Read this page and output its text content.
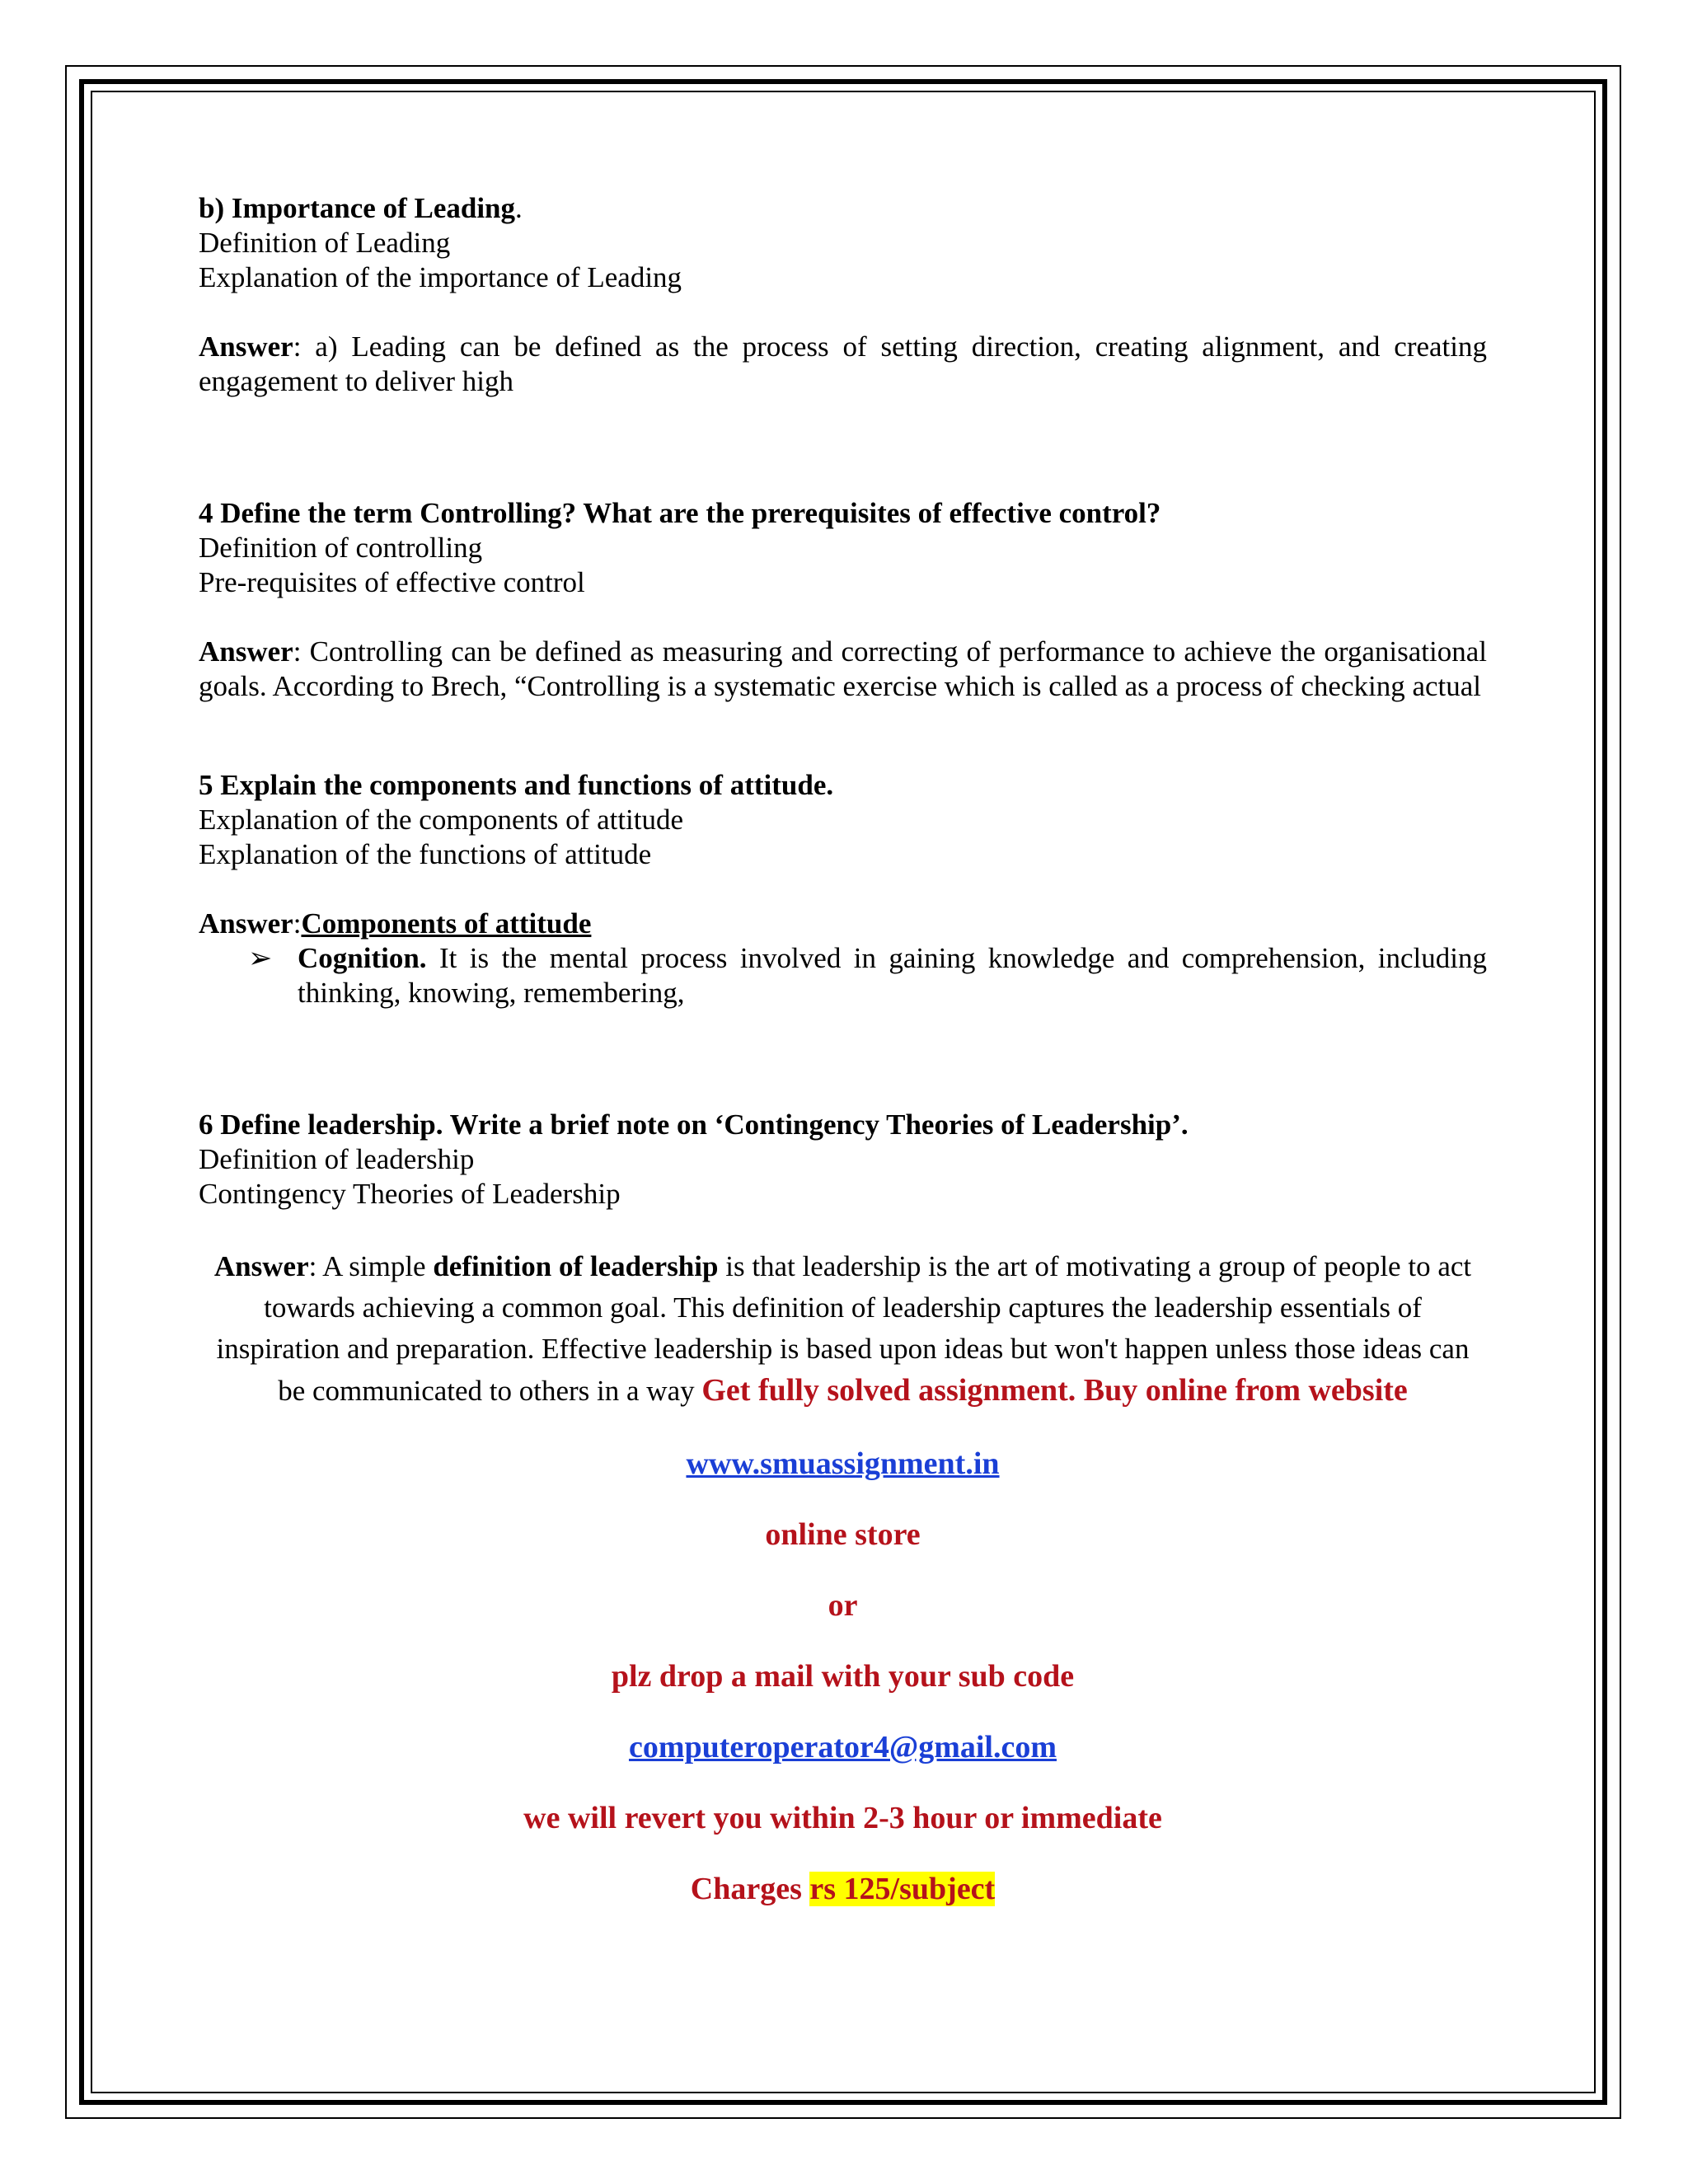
b) Importance of Leading.
Definition of Leading
Explanation of the importance of Leading
Answer: a) Leading can be defined as the process of setting direction, creating alignment, and creating engagement to deliver high
4 Define the term Controlling? What are the prerequisites of effective control?
Definition of controlling
Pre-requisites of effective control
Answer: Controlling can be defined as measuring and correcting of performance to achieve the organisational goals. According to Brech, “Controlling is a systematic exercise which is called as a process of checking actual
5 Explain the components and functions of attitude.
Explanation of the components of attitude
Explanation of the functions of attitude
Answer:Components of attitude
➢ Cognition. It is the mental process involved in gaining knowledge and comprehension, including thinking, knowing, remembering,
6 Define leadership. Write a brief note on ‘Contingency Theories of Leadership’.
Definition of leadership
Contingency Theories of Leadership
Answer: A simple definition of leadership is that leadership is the art of motivating a group of people to act towards achieving a common goal. This definition of leadership captures the leadership essentials of inspiration and preparation. Effective leadership is based upon ideas but won't happen unless those ideas can be communicated to others in a way Get fully solved assignment. Buy online from website
www.smuassignment.in
online store
or
plz drop a mail with your sub code
computeroperator4@gmail.com
we will revert you within 2-3 hour or immediate
Charges rs 125/subject
